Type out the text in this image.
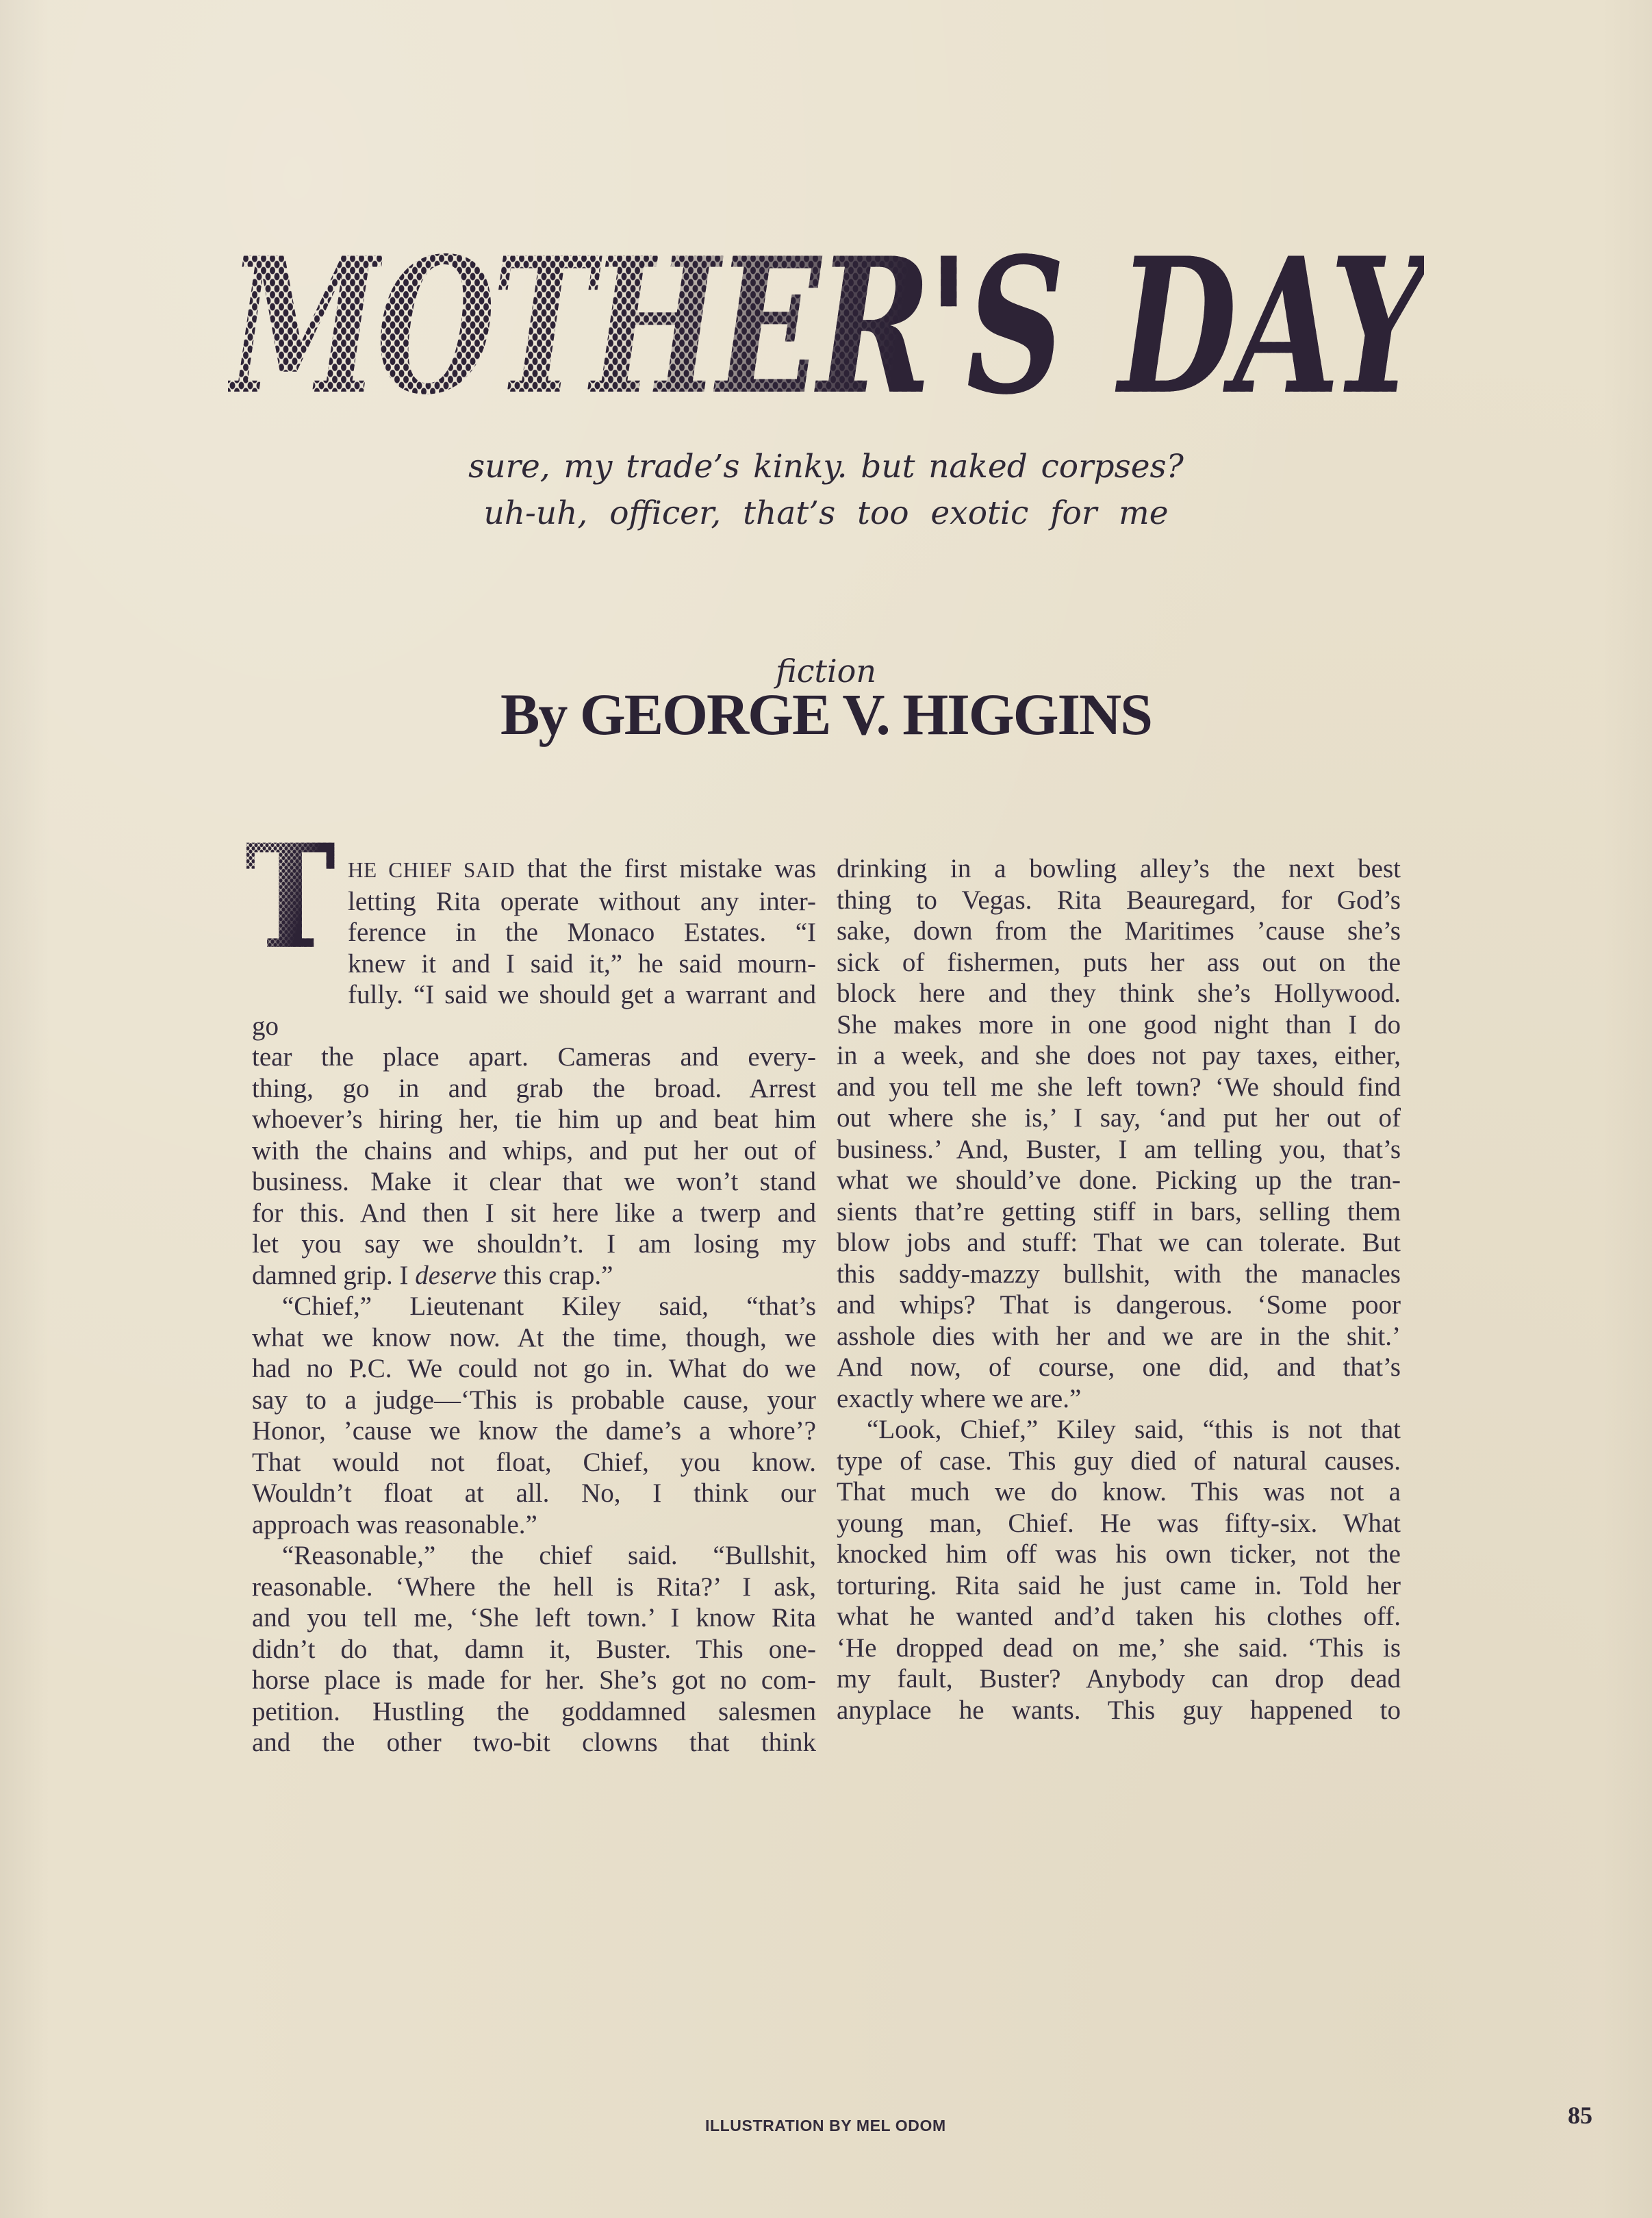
MOTHER'S DAY
sure, my trade’s kinky. but naked corpses?
uh-uh, officer, that’s too exotic for me
fiction
By GEORGE V. HIGGINS
T HE CHIEF SAID that the first mistake was
letting Rita operate without any inter-
ference in the Monaco Estates. “I
knew it and I said it,” he said mourn-
fully. “I said we should get a warrant and go
tear the place apart. Cameras and every-
thing, go in and grab the broad. Arrest
whoever’s hiring her, tie him up and beat him
with the chains and whips, and put her out of
business. Make it clear that we won’t stand
for this. And then I sit here like a twerp and
let you say we shouldn’t. I am losing my
damned grip. I deserve this crap.”
“Chief,” Lieutenant Kiley said, “that’s
what we know now. At the time, though, we
had no P.C. We could not go in. What do we
say to a judge—‘This is probable cause, your
Honor, ’cause we know the dame’s a whore’?
That would not float, Chief, you know.
Wouldn’t float at all. No, I think our
approach was reasonable.”
“Reasonable,” the chief said. “Bullshit,
reasonable. ‘Where the hell is Rita?’ I ask,
and you tell me, ‘She left town.’ I know Rita
didn’t do that, damn it, Buster. This one-
horse place is made for her. She’s got no com-
petition. Hustling the goddamned salesmen
and the other two-bit clowns that think
drinking in a bowling alley’s the next best
thing to Vegas. Rita Beauregard, for God’s
sake, down from the Maritimes ’cause she’s
sick of fishermen, puts her ass out on the
block here and they think she’s Hollywood.
She makes more in one good night than I do
in a week, and she does not pay taxes, either,
and you tell me she left town? ‘We should find
out where she is,’ I say, ‘and put her out of
business.’ And, Buster, I am telling you, that’s
what we should’ve done. Picking up the tran-
sients that’re getting stiff in bars, selling them
blow jobs and stuff: That we can tolerate. But
this saddy-mazzy bullshit, with the manacles
and whips? That is dangerous. ‘Some poor
asshole dies with her and we are in the shit.’
And now, of course, one did, and that’s
exactly where we are.”
“Look, Chief,” Kiley said, “this is not that
type of case. This guy died of natural causes.
That much we do know. This was not a
young man, Chief. He was fifty-six. What
knocked him off was his own ticker, not the
torturing. Rita said he just came in. Told her
what he wanted and’d taken his clothes off.
‘He dropped dead on me,’ she said. ‘This is
my fault, Buster? Anybody can drop dead
anyplace he wants. This guy happened to
ILLUSTRATION BY MEL ODOM	85
